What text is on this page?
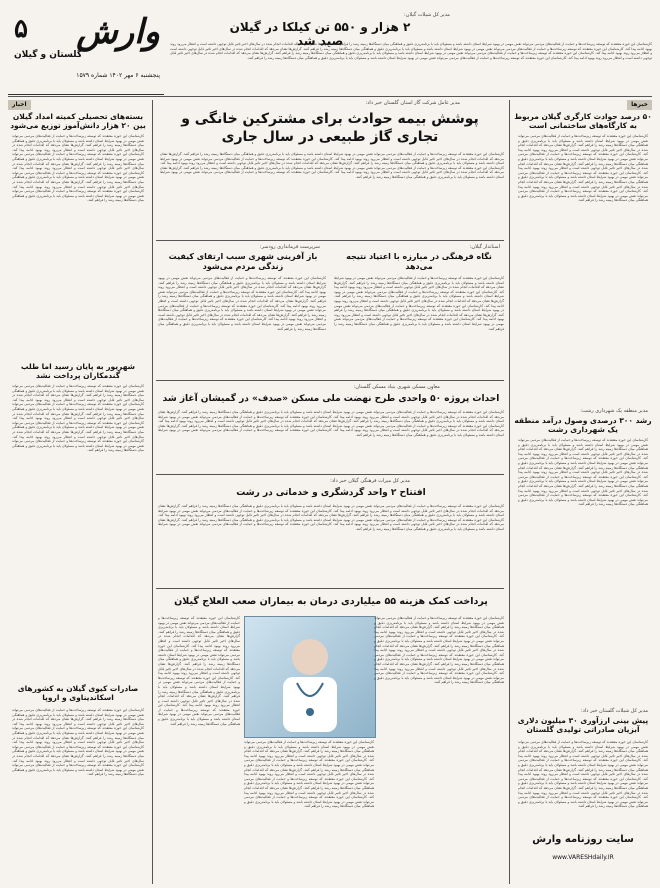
۵
گلستان و گیلان
وارش
پنجشنبه ۶ مهر ۱۴۰۲ شماره ۱۵۷۹
مدیر کل شیلات گیلان:
۲ هزار و ۵۵۰ تن کیلکا در گیلان صید شد
کارشناسان این حوزه معتقدند که توسعه زیرساخت‌ها و حمایت از فعالیت‌های مردمی می‌تواند نقش مهمی در بهبود شرایط استان داشته باشد و مسئولان باید با برنامه‌ریزی دقیق و هماهنگی میان دستگاه‌ها زمینه رشد را فراهم کنند. گزارش‌ها نشان می‌دهد که اقدامات انجام شده در سال‌های اخیر تاثیر قابل توجهی داشته است و انتظار می‌رود روند بهبود ادامه پیدا کند. کارشناسان این حوزه معتقدند که توسعه زیرساخت‌ها و حمایت از فعالیت‌های مردمی می‌تواند نقش مهمی در بهبود شرایط استان داشته باشد و مسئولان باید با برنامه‌ریزی دقیق و هماهنگی میان دستگاه‌ها زمینه رشد را فراهم کنند. گزارش‌ها نشان می‌دهد که اقدامات انجام شده در سال‌های اخیر تاثیر قابل توجهی داشته است و انتظار می‌رود روند بهبود ادامه پیدا کند. کارشناسان این حوزه معتقدند که توسعه زیرساخت‌ها و حمایت از فعالیت‌های مردمی می‌تواند نقش مهمی در بهبود شرایط استان داشته باشد و مسئولان باید با برنامه‌ریزی دقیق و هماهنگی میان دستگاه‌ها زمینه رشد را فراهم کنند. گزارش‌ها نشان می‌دهد که اقدامات انجام شده در سال‌های اخیر تاثیر قابل توجهی داشته است و انتظار می‌رود روند بهبود ادامه پیدا کند. کارشناسان این حوزه معتقدند که توسعه زیرساخت‌ها و حمایت از فعالیت‌های مردمی می‌تواند نقش مهمی در بهبود شرایط استان داشته باشد و مسئولان باید با برنامه‌ریزی دقیق و هماهنگی میان دستگاه‌ها زمینه رشد را فراهم کنند.
خبرها
۵۰ درصد حوادث کارگری گیلان مربوط به کارگاه‌های ساختمانی است
کارشناسان این حوزه معتقدند که توسعه زیرساخت‌ها و حمایت از فعالیت‌های مردمی می‌تواند نقش مهمی در بهبود شرایط استان داشته باشد و مسئولان باید با برنامه‌ریزی دقیق و هماهنگی میان دستگاه‌ها زمینه رشد را فراهم کنند. گزارش‌ها نشان می‌دهد که اقدامات انجام شده در سال‌های اخیر تاثیر قابل توجهی داشته است و انتظار می‌رود روند بهبود ادامه پیدا کند. کارشناسان این حوزه معتقدند که توسعه زیرساخت‌ها و حمایت از فعالیت‌های مردمی می‌تواند نقش مهمی در بهبود شرایط استان داشته باشد و مسئولان باید با برنامه‌ریزی دقیق و هماهنگی میان دستگاه‌ها زمینه رشد را فراهم کنند. گزارش‌ها نشان می‌دهد که اقدامات انجام شده در سال‌های اخیر تاثیر قابل توجهی داشته است و انتظار می‌رود روند بهبود ادامه پیدا کند. کارشناسان این حوزه معتقدند که توسعه زیرساخت‌ها و حمایت از فعالیت‌های مردمی می‌تواند نقش مهمی در بهبود شرایط استان داشته باشد و مسئولان باید با برنامه‌ریزی دقیق و هماهنگی میان دستگاه‌ها زمینه رشد را فراهم کنند. گزارش‌ها نشان می‌دهد که اقدامات انجام شده در سال‌های اخیر تاثیر قابل توجهی داشته است و انتظار می‌رود روند بهبود ادامه پیدا کند. کارشناسان این حوزه معتقدند که توسعه زیرساخت‌ها و حمایت از فعالیت‌های مردمی می‌تواند نقش مهمی در بهبود شرایط استان داشته باشد و مسئولان باید با برنامه‌ریزی دقیق و هماهنگی میان دستگاه‌ها زمینه رشد را فراهم کنند.
مدیر منطقه یک شهرداری رشت:
رشد ۳۰۰ درصدی وصول درآمد منطقه یک شهرداری رشت
کارشناسان این حوزه معتقدند که توسعه زیرساخت‌ها و حمایت از فعالیت‌های مردمی می‌تواند نقش مهمی در بهبود شرایط استان داشته باشد و مسئولان باید با برنامه‌ریزی دقیق و هماهنگی میان دستگاه‌ها زمینه رشد را فراهم کنند. گزارش‌ها نشان می‌دهد که اقدامات انجام شده در سال‌های اخیر تاثیر قابل توجهی داشته است و انتظار می‌رود روند بهبود ادامه پیدا کند. کارشناسان این حوزه معتقدند که توسعه زیرساخت‌ها و حمایت از فعالیت‌های مردمی می‌تواند نقش مهمی در بهبود شرایط استان داشته باشد و مسئولان باید با برنامه‌ریزی دقیق و هماهنگی میان دستگاه‌ها زمینه رشد را فراهم کنند. گزارش‌ها نشان می‌دهد که اقدامات انجام شده در سال‌های اخیر تاثیر قابل توجهی داشته است و انتظار می‌رود روند بهبود ادامه پیدا کند. کارشناسان این حوزه معتقدند که توسعه زیرساخت‌ها و حمایت از فعالیت‌های مردمی می‌تواند نقش مهمی در بهبود شرایط استان داشته باشد و مسئولان باید با برنامه‌ریزی دقیق و هماهنگی میان دستگاه‌ها زمینه رشد را فراهم کنند. گزارش‌ها نشان می‌دهد که اقدامات انجام شده در سال‌های اخیر تاثیر قابل توجهی داشته است و انتظار می‌رود روند بهبود ادامه پیدا کند. کارشناسان این حوزه معتقدند که توسعه زیرساخت‌ها و حمایت از فعالیت‌های مردمی می‌تواند نقش مهمی در بهبود شرایط استان داشته باشد و مسئولان باید با برنامه‌ریزی دقیق و هماهنگی میان دستگاه‌ها زمینه رشد را فراهم کنند.
مدیر کل شیلات گلستان خبر داد:
پیش بینی ارزآوری ۳۰ میلیون دلاری آبزیان صادراتی تولیدی گلستان
کارشناسان این حوزه معتقدند که توسعه زیرساخت‌ها و حمایت از فعالیت‌های مردمی می‌تواند نقش مهمی در بهبود شرایط استان داشته باشد و مسئولان باید با برنامه‌ریزی دقیق و هماهنگی میان دستگاه‌ها زمینه رشد را فراهم کنند. گزارش‌ها نشان می‌دهد که اقدامات انجام شده در سال‌های اخیر تاثیر قابل توجهی داشته است و انتظار می‌رود روند بهبود ادامه پیدا کند. کارشناسان این حوزه معتقدند که توسعه زیرساخت‌ها و حمایت از فعالیت‌های مردمی می‌تواند نقش مهمی در بهبود شرایط استان داشته باشد و مسئولان باید با برنامه‌ریزی دقیق و هماهنگی میان دستگاه‌ها زمینه رشد را فراهم کنند. گزارش‌ها نشان می‌دهد که اقدامات انجام شده در سال‌های اخیر تاثیر قابل توجهی داشته است و انتظار می‌رود روند بهبود ادامه پیدا کند. کارشناسان این حوزه معتقدند که توسعه زیرساخت‌ها و حمایت از فعالیت‌های مردمی می‌تواند نقش مهمی در بهبود شرایط استان داشته باشد و مسئولان باید با برنامه‌ریزی دقیق و هماهنگی میان دستگاه‌ها زمینه رشد را فراهم کنند. گزارش‌ها نشان می‌دهد که اقدامات انجام شده در سال‌های اخیر تاثیر قابل توجهی داشته است و انتظار می‌رود روند بهبود ادامه پیدا کند. کارشناسان این حوزه معتقدند که توسعه زیرساخت‌ها و حمایت از فعالیت‌های مردمی می‌تواند نقش مهمی در بهبود شرایط استان داشته باشد و مسئولان باید با برنامه‌ریزی دقیق و هماهنگی میان دستگاه‌ها زمینه رشد را فراهم کنند.
سایت روزنامه وارش
www.VARESHdaily.IR
اخبار
بسته‌های تحصیلی کمیته امداد گیلان بین ۲۰ هزار دانش‌آموز توزیع می‌شود
کارشناسان این حوزه معتقدند که توسعه زیرساخت‌ها و حمایت از فعالیت‌های مردمی می‌تواند نقش مهمی در بهبود شرایط استان داشته باشد و مسئولان باید با برنامه‌ریزی دقیق و هماهنگی میان دستگاه‌ها زمینه رشد را فراهم کنند. گزارش‌ها نشان می‌دهد که اقدامات انجام شده در سال‌های اخیر تاثیر قابل توجهی داشته است و انتظار می‌رود روند بهبود ادامه پیدا کند. کارشناسان این حوزه معتقدند که توسعه زیرساخت‌ها و حمایت از فعالیت‌های مردمی می‌تواند نقش مهمی در بهبود شرایط استان داشته باشد و مسئولان باید با برنامه‌ریزی دقیق و هماهنگی میان دستگاه‌ها زمینه رشد را فراهم کنند. گزارش‌ها نشان می‌دهد که اقدامات انجام شده در سال‌های اخیر تاثیر قابل توجهی داشته است و انتظار می‌رود روند بهبود ادامه پیدا کند. کارشناسان این حوزه معتقدند که توسعه زیرساخت‌ها و حمایت از فعالیت‌های مردمی می‌تواند نقش مهمی در بهبود شرایط استان داشته باشد و مسئولان باید با برنامه‌ریزی دقیق و هماهنگی میان دستگاه‌ها زمینه رشد را فراهم کنند. گزارش‌ها نشان می‌دهد که اقدامات انجام شده در سال‌های اخیر تاثیر قابل توجهی داشته است و انتظار می‌رود روند بهبود ادامه پیدا کند. کارشناسان این حوزه معتقدند که توسعه زیرساخت‌ها و حمایت از فعالیت‌های مردمی می‌تواند نقش مهمی در بهبود شرایط استان داشته باشد و مسئولان باید با برنامه‌ریزی دقیق و هماهنگی میان دستگاه‌ها زمینه رشد را فراهم کنند.
شهریور به پایان رسید اما طلب گندمکاران پرداخت نشد
کارشناسان این حوزه معتقدند که توسعه زیرساخت‌ها و حمایت از فعالیت‌های مردمی می‌تواند نقش مهمی در بهبود شرایط استان داشته باشد و مسئولان باید با برنامه‌ریزی دقیق و هماهنگی میان دستگاه‌ها زمینه رشد را فراهم کنند. گزارش‌ها نشان می‌دهد که اقدامات انجام شده در سال‌های اخیر تاثیر قابل توجهی داشته است و انتظار می‌رود روند بهبود ادامه پیدا کند. کارشناسان این حوزه معتقدند که توسعه زیرساخت‌ها و حمایت از فعالیت‌های مردمی می‌تواند نقش مهمی در بهبود شرایط استان داشته باشد و مسئولان باید با برنامه‌ریزی دقیق و هماهنگی میان دستگاه‌ها زمینه رشد را فراهم کنند. گزارش‌ها نشان می‌دهد که اقدامات انجام شده در سال‌های اخیر تاثیر قابل توجهی داشته است و انتظار می‌رود روند بهبود ادامه پیدا کند. کارشناسان این حوزه معتقدند که توسعه زیرساخت‌ها و حمایت از فعالیت‌های مردمی می‌تواند نقش مهمی در بهبود شرایط استان داشته باشد و مسئولان باید با برنامه‌ریزی دقیق و هماهنگی میان دستگاه‌ها زمینه رشد را فراهم کنند. گزارش‌ها نشان می‌دهد که اقدامات انجام شده در سال‌های اخیر تاثیر قابل توجهی داشته است و انتظار می‌رود روند بهبود ادامه پیدا کند. کارشناسان این حوزه معتقدند که توسعه زیرساخت‌ها و حمایت از فعالیت‌های مردمی می‌تواند نقش مهمی در بهبود شرایط استان داشته باشد و مسئولان باید با برنامه‌ریزی دقیق و هماهنگی میان دستگاه‌ها زمینه رشد را فراهم کنند.
صادرات کیوی گیلان به کشورهای اسکاندیناوی و اروپا
کارشناسان این حوزه معتقدند که توسعه زیرساخت‌ها و حمایت از فعالیت‌های مردمی می‌تواند نقش مهمی در بهبود شرایط استان داشته باشد و مسئولان باید با برنامه‌ریزی دقیق و هماهنگی میان دستگاه‌ها زمینه رشد را فراهم کنند. گزارش‌ها نشان می‌دهد که اقدامات انجام شده در سال‌های اخیر تاثیر قابل توجهی داشته است و انتظار می‌رود روند بهبود ادامه پیدا کند. کارشناسان این حوزه معتقدند که توسعه زیرساخت‌ها و حمایت از فعالیت‌های مردمی می‌تواند نقش مهمی در بهبود شرایط استان داشته باشد و مسئولان باید با برنامه‌ریزی دقیق و هماهنگی میان دستگاه‌ها زمینه رشد را فراهم کنند. گزارش‌ها نشان می‌دهد که اقدامات انجام شده در سال‌های اخیر تاثیر قابل توجهی داشته است و انتظار می‌رود روند بهبود ادامه پیدا کند. کارشناسان این حوزه معتقدند که توسعه زیرساخت‌ها و حمایت از فعالیت‌های مردمی می‌تواند نقش مهمی در بهبود شرایط استان داشته باشد و مسئولان باید با برنامه‌ریزی دقیق و هماهنگی میان دستگاه‌ها زمینه رشد را فراهم کنند. گزارش‌ها نشان می‌دهد که اقدامات انجام شده در سال‌های اخیر تاثیر قابل توجهی داشته است و انتظار می‌رود روند بهبود ادامه پیدا کند. کارشناسان این حوزه معتقدند که توسعه زیرساخت‌ها و حمایت از فعالیت‌های مردمی می‌تواند نقش مهمی در بهبود شرایط استان داشته باشد و مسئولان باید با برنامه‌ریزی دقیق و هماهنگی میان دستگاه‌ها زمینه رشد را فراهم کنند.
مدیر عامل شرکت گاز استان گلستان خبر داد:
پوشش بیمه حوادث برای مشترکین خانگی و تجاری گاز طبیعی در سال جاری
کارشناسان این حوزه معتقدند که توسعه زیرساخت‌ها و حمایت از فعالیت‌های مردمی می‌تواند نقش مهمی در بهبود شرایط استان داشته باشد و مسئولان باید با برنامه‌ریزی دقیق و هماهنگی میان دستگاه‌ها زمینه رشد را فراهم کنند. گزارش‌ها نشان می‌دهد که اقدامات انجام شده در سال‌های اخیر تاثیر قابل توجهی داشته است و انتظار می‌رود روند بهبود ادامه پیدا کند. کارشناسان این حوزه معتقدند که توسعه زیرساخت‌ها و حمایت از فعالیت‌های مردمی می‌تواند نقش مهمی در بهبود شرایط استان داشته باشد و مسئولان باید با برنامه‌ریزی دقیق و هماهنگی میان دستگاه‌ها زمینه رشد را فراهم کنند. گزارش‌ها نشان می‌دهد که اقدامات انجام شده در سال‌های اخیر تاثیر قابل توجهی داشته است و انتظار می‌رود روند بهبود ادامه پیدا کند. کارشناسان این حوزه معتقدند که توسعه زیرساخت‌ها و حمایت از فعالیت‌های مردمی می‌تواند نقش مهمی در بهبود شرایط استان داشته باشد و مسئولان باید با برنامه‌ریزی دقیق و هماهنگی میان دستگاه‌ها زمینه رشد را فراهم کنند. گزارش‌ها نشان می‌دهد که اقدامات انجام شده در سال‌های اخیر تاثیر قابل توجهی داشته است و انتظار می‌رود روند بهبود ادامه پیدا کند. کارشناسان این حوزه معتقدند که توسعه زیرساخت‌ها و حمایت از فعالیت‌های مردمی می‌تواند نقش مهمی در بهبود شرایط استان داشته باشد و مسئولان باید با برنامه‌ریزی دقیق و هماهنگی میان دستگاه‌ها زمینه رشد را فراهم کنند.
استاندار گیلان:
نگاه فرهنگی در مبارزه با اعتیاد نتیجه می‌دهد
کارشناسان این حوزه معتقدند که توسعه زیرساخت‌ها و حمایت از فعالیت‌های مردمی می‌تواند نقش مهمی در بهبود شرایط استان داشته باشد و مسئولان باید با برنامه‌ریزی دقیق و هماهنگی میان دستگاه‌ها زمینه رشد را فراهم کنند. گزارش‌ها نشان می‌دهد که اقدامات انجام شده در سال‌های اخیر تاثیر قابل توجهی داشته است و انتظار می‌رود روند بهبود ادامه پیدا کند. کارشناسان این حوزه معتقدند که توسعه زیرساخت‌ها و حمایت از فعالیت‌های مردمی می‌تواند نقش مهمی در بهبود شرایط استان داشته باشد و مسئولان باید با برنامه‌ریزی دقیق و هماهنگی میان دستگاه‌ها زمینه رشد را فراهم کنند. گزارش‌ها نشان می‌دهد که اقدامات انجام شده در سال‌های اخیر تاثیر قابل توجهی داشته است و انتظار می‌رود روند بهبود ادامه پیدا کند. کارشناسان این حوزه معتقدند که توسعه زیرساخت‌ها و حمایت از فعالیت‌های مردمی می‌تواند نقش مهمی در بهبود شرایط استان داشته باشد و مسئولان باید با برنامه‌ریزی دقیق و هماهنگی میان دستگاه‌ها زمینه رشد را فراهم کنند. گزارش‌ها نشان می‌دهد که اقدامات انجام شده در سال‌های اخیر تاثیر قابل توجهی داشته است و انتظار می‌رود روند بهبود ادامه پیدا کند. کارشناسان این حوزه معتقدند که توسعه زیرساخت‌ها و حمایت از فعالیت‌های مردمی می‌تواند نقش مهمی در بهبود شرایط استان داشته باشد و مسئولان باید با برنامه‌ریزی دقیق و هماهنگی میان دستگاه‌ها زمینه رشد را فراهم کنند.
سرپرست فرمانداری رودسر:
باز آفرینی شهری سبب ارتقای کیفیت زندگی مردم می‌شود
کارشناسان این حوزه معتقدند که توسعه زیرساخت‌ها و حمایت از فعالیت‌های مردمی می‌تواند نقش مهمی در بهبود شرایط استان داشته باشد و مسئولان باید با برنامه‌ریزی دقیق و هماهنگی میان دستگاه‌ها زمینه رشد را فراهم کنند. گزارش‌ها نشان می‌دهد که اقدامات انجام شده در سال‌های اخیر تاثیر قابل توجهی داشته است و انتظار می‌رود روند بهبود ادامه پیدا کند. کارشناسان این حوزه معتقدند که توسعه زیرساخت‌ها و حمایت از فعالیت‌های مردمی می‌تواند نقش مهمی در بهبود شرایط استان داشته باشد و مسئولان باید با برنامه‌ریزی دقیق و هماهنگی میان دستگاه‌ها زمینه رشد را فراهم کنند. گزارش‌ها نشان می‌دهد که اقدامات انجام شده در سال‌های اخیر تاثیر قابل توجهی داشته است و انتظار می‌رود روند بهبود ادامه پیدا کند. کارشناسان این حوزه معتقدند که توسعه زیرساخت‌ها و حمایت از فعالیت‌های مردمی می‌تواند نقش مهمی در بهبود شرایط استان داشته باشد و مسئولان باید با برنامه‌ریزی دقیق و هماهنگی میان دستگاه‌ها زمینه رشد را فراهم کنند. گزارش‌ها نشان می‌دهد که اقدامات انجام شده در سال‌های اخیر تاثیر قابل توجهی داشته است و انتظار می‌رود روند بهبود ادامه پیدا کند. کارشناسان این حوزه معتقدند که توسعه زیرساخت‌ها و حمایت از فعالیت‌های مردمی می‌تواند نقش مهمی در بهبود شرایط استان داشته باشد و مسئولان باید با برنامه‌ریزی دقیق و هماهنگی میان دستگاه‌ها زمینه رشد را فراهم کنند.
معاون مسکن شهری بنیاد مسکن گلستان:
احداث پروژه ۵۰ واحدی طرح نهضت ملی مسکن «صدف» در گمیشان آغاز شد
کارشناسان این حوزه معتقدند که توسعه زیرساخت‌ها و حمایت از فعالیت‌های مردمی می‌تواند نقش مهمی در بهبود شرایط استان داشته باشد و مسئولان باید با برنامه‌ریزی دقیق و هماهنگی میان دستگاه‌ها زمینه رشد را فراهم کنند. گزارش‌ها نشان می‌دهد که اقدامات انجام شده در سال‌های اخیر تاثیر قابل توجهی داشته است و انتظار می‌رود روند بهبود ادامه پیدا کند. کارشناسان این حوزه معتقدند که توسعه زیرساخت‌ها و حمایت از فعالیت‌های مردمی می‌تواند نقش مهمی در بهبود شرایط استان داشته باشد و مسئولان باید با برنامه‌ریزی دقیق و هماهنگی میان دستگاه‌ها زمینه رشد را فراهم کنند. گزارش‌ها نشان می‌دهد که اقدامات انجام شده در سال‌های اخیر تاثیر قابل توجهی داشته است و انتظار می‌رود روند بهبود ادامه پیدا کند. کارشناسان این حوزه معتقدند که توسعه زیرساخت‌ها و حمایت از فعالیت‌های مردمی می‌تواند نقش مهمی در بهبود شرایط استان داشته باشد و مسئولان باید با برنامه‌ریزی دقیق و هماهنگی میان دستگاه‌ها زمینه رشد را فراهم کنند. گزارش‌ها نشان می‌دهد که اقدامات انجام شده در سال‌های اخیر تاثیر قابل توجهی داشته است و انتظار می‌رود روند بهبود ادامه پیدا کند. کارشناسان این حوزه معتقدند که توسعه زیرساخت‌ها و حمایت از فعالیت‌های مردمی می‌تواند نقش مهمی در بهبود شرایط استان داشته باشد و مسئولان باید با برنامه‌ریزی دقیق و هماهنگی میان دستگاه‌ها زمینه رشد را فراهم کنند.
مدیر کل میراث فرهنگی گیلان خبر داد:
افتتاح ۲ واحد گردشگری و خدماتی در رشت
کارشناسان این حوزه معتقدند که توسعه زیرساخت‌ها و حمایت از فعالیت‌های مردمی می‌تواند نقش مهمی در بهبود شرایط استان داشته باشد و مسئولان باید با برنامه‌ریزی دقیق و هماهنگی میان دستگاه‌ها زمینه رشد را فراهم کنند. گزارش‌ها نشان می‌دهد که اقدامات انجام شده در سال‌های اخیر تاثیر قابل توجهی داشته است و انتظار می‌رود روند بهبود ادامه پیدا کند. کارشناسان این حوزه معتقدند که توسعه زیرساخت‌ها و حمایت از فعالیت‌های مردمی می‌تواند نقش مهمی در بهبود شرایط استان داشته باشد و مسئولان باید با برنامه‌ریزی دقیق و هماهنگی میان دستگاه‌ها زمینه رشد را فراهم کنند. گزارش‌ها نشان می‌دهد که اقدامات انجام شده در سال‌های اخیر تاثیر قابل توجهی داشته است و انتظار می‌رود روند بهبود ادامه پیدا کند. کارشناسان این حوزه معتقدند که توسعه زیرساخت‌ها و حمایت از فعالیت‌های مردمی می‌تواند نقش مهمی در بهبود شرایط استان داشته باشد و مسئولان باید با برنامه‌ریزی دقیق و هماهنگی میان دستگاه‌ها زمینه رشد را فراهم کنند. گزارش‌ها نشان می‌دهد که اقدامات انجام شده در سال‌های اخیر تاثیر قابل توجهی داشته است و انتظار می‌رود روند بهبود ادامه پیدا کند. کارشناسان این حوزه معتقدند که توسعه زیرساخت‌ها و حمایت از فعالیت‌های مردمی می‌تواند نقش مهمی در بهبود شرایط استان داشته باشد و مسئولان باید با برنامه‌ریزی دقیق و هماهنگی میان دستگاه‌ها زمینه رشد را فراهم کنند.
پرداخت کمک هزینه ۵۵ میلیاردی درمان به بیماران صعب العلاج گیلان
کارشناسان این حوزه معتقدند که توسعه زیرساخت‌ها و حمایت از فعالیت‌های مردمی می‌تواند نقش مهمی در بهبود شرایط استان داشته باشد و مسئولان باید با برنامه‌ریزی دقیق و هماهنگی میان دستگاه‌ها زمینه رشد را فراهم کنند. گزارش‌ها نشان می‌دهد که اقدامات انجام شده در سال‌های اخیر تاثیر قابل توجهی داشته است و انتظار می‌رود روند بهبود ادامه پیدا کند. کارشناسان این حوزه معتقدند که توسعه زیرساخت‌ها و حمایت از فعالیت‌های مردمی می‌تواند نقش مهمی در بهبود شرایط استان داشته باشد و مسئولان باید با برنامه‌ریزی دقیق و هماهنگی میان دستگاه‌ها زمینه رشد را فراهم کنند. گزارش‌ها نشان می‌دهد که اقدامات انجام شده در سال‌های اخیر تاثیر قابل توجهی داشته است و انتظار می‌رود روند بهبود ادامه پیدا کند. کارشناسان این حوزه معتقدند که توسعه زیرساخت‌ها و حمایت از فعالیت‌های مردمی می‌تواند نقش مهمی در بهبود شرایط استان داشته باشد و مسئولان باید با برنامه‌ریزی دقیق و هماهنگی میان دستگاه‌ها زمینه رشد را فراهم کنند. گزارش‌ها نشان می‌دهد که اقدامات انجام شده در سال‌های اخیر تاثیر قابل توجهی داشته است و انتظار می‌رود روند بهبود ادامه پیدا کند. کارشناسان این حوزه معتقدند که توسعه زیرساخت‌ها و حمایت از فعالیت‌های مردمی می‌تواند نقش مهمی در بهبود شرایط استان داشته باشد و مسئولان باید با برنامه‌ریزی دقیق و هماهنگی میان دستگاه‌ها زمینه رشد را فراهم کنند.
کارشناسان این حوزه معتقدند که توسعه زیرساخت‌ها و حمایت از فعالیت‌های مردمی می‌تواند نقش مهمی در بهبود شرایط استان داشته باشد و مسئولان باید با برنامه‌ریزی دقیق و هماهنگی میان دستگاه‌ها زمینه رشد را فراهم کنند. گزارش‌ها نشان می‌دهد که اقدامات انجام شده در سال‌های اخیر تاثیر قابل توجهی داشته است و انتظار می‌رود روند بهبود ادامه پیدا کند. کارشناسان این حوزه معتقدند که توسعه زیرساخت‌ها و حمایت از فعالیت‌های مردمی می‌تواند نقش مهمی در بهبود شرایط استان داشته باشد و مسئولان باید با برنامه‌ریزی دقیق و هماهنگی میان دستگاه‌ها زمینه رشد را فراهم کنند. گزارش‌ها نشان می‌دهد که اقدامات انجام شده در سال‌های اخیر تاثیر قابل توجهی داشته است و انتظار می‌رود روند بهبود ادامه پیدا کند. کارشناسان این حوزه معتقدند که توسعه زیرساخت‌ها و حمایت از فعالیت‌های مردمی می‌تواند نقش مهمی در بهبود شرایط استان داشته باشد و مسئولان باید با برنامه‌ریزی دقیق و هماهنگی میان دستگاه‌ها زمینه رشد را فراهم کنند. گزارش‌ها نشان می‌دهد که اقدامات انجام شده در سال‌های اخیر تاثیر قابل توجهی داشته است و انتظار می‌رود روند بهبود ادامه پیدا کند. کارشناسان این حوزه معتقدند که توسعه زیرساخت‌ها و حمایت از فعالیت‌های مردمی می‌تواند نقش مهمی در بهبود شرایط استان داشته باشد و مسئولان باید با برنامه‌ریزی دقیق و هماهنگی میان دستگاه‌ها زمینه رشد را فراهم کنند.
کارشناسان این حوزه معتقدند که توسعه زیرساخت‌ها و حمایت از فعالیت‌های مردمی می‌تواند نقش مهمی در بهبود شرایط استان داشته باشد و مسئولان باید با برنامه‌ریزی دقیق و هماهنگی میان دستگاه‌ها زمینه رشد را فراهم کنند. گزارش‌ها نشان می‌دهد که اقدامات انجام شده در سال‌های اخیر تاثیر قابل توجهی داشته است و انتظار می‌رود روند بهبود ادامه پیدا کند. کارشناسان این حوزه معتقدند که توسعه زیرساخت‌ها و حمایت از فعالیت‌های مردمی می‌تواند نقش مهمی در بهبود شرایط استان داشته باشد و مسئولان باید با برنامه‌ریزی دقیق و هماهنگی میان دستگاه‌ها زمینه رشد را فراهم کنند. گزارش‌ها نشان می‌دهد که اقدامات انجام شده در سال‌های اخیر تاثیر قابل توجهی داشته است و انتظار می‌رود روند بهبود ادامه پیدا کند. کارشناسان این حوزه معتقدند که توسعه زیرساخت‌ها و حمایت از فعالیت‌های مردمی می‌تواند نقش مهمی در بهبود شرایط استان داشته باشد و مسئولان باید با برنامه‌ریزی دقیق و هماهنگی میان دستگاه‌ها زمینه رشد را فراهم کنند. گزارش‌ها نشان می‌دهد که اقدامات انجام شده در سال‌های اخیر تاثیر قابل توجهی داشته است و انتظار می‌رود روند بهبود ادامه پیدا کند. کارشناسان این حوزه معتقدند که توسعه زیرساخت‌ها و حمایت از فعالیت‌های مردمی می‌تواند نقش مهمی در بهبود شرایط استان داشته باشد و مسئولان باید با برنامه‌ریزی دقیق و هماهنگی میان دستگاه‌ها زمینه رشد را فراهم کنند.
